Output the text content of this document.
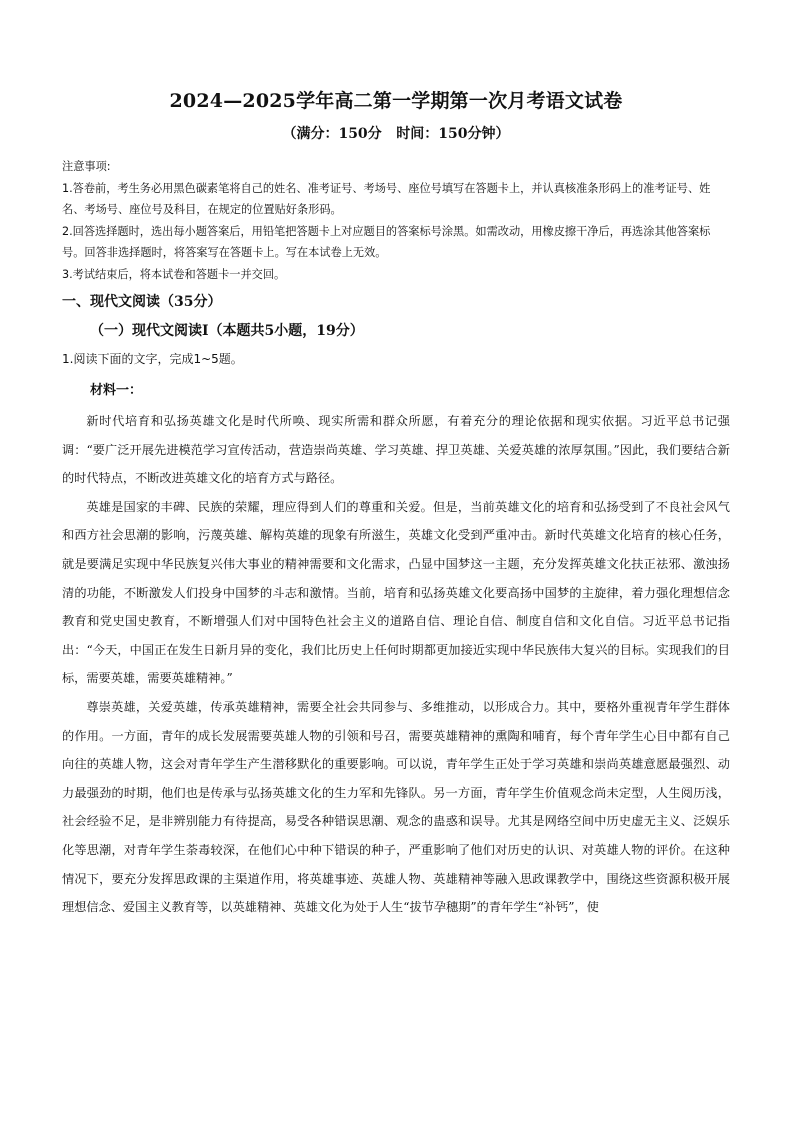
2024—2025学年高二第一学期第一次月考语文试卷
（满分：150分   时间：150分钟）

注意事项:

1.答卷前，考生务必用黑色碳素笔将自己的姓名、准考证号、考场号、座位号填写在答题卡上，并认真核准条形码上的准考证号、姓名、考场号、座位号及科目，在规定的位置贴好条形码。

2.回答选择题时，选出每小题答案后，用铅笔把答题卡上对应题目的答案标号涂黑。如需改动，用橡皮擦干净后，再选涂其他答案标号。回答非选择题时，将答案写在答题卡上。写在本试卷上无效。

3.考试结束后，将本试卷和答题卡一并交回。

一、现代文阅读（35分）
（一）现代文阅读Ⅰ（本题共5小题，19分）
1.阅读下面的文字，完成1~5题。
材料一：

新时代培育和弘扬英雄文化是时代所唤、现实所需和群众所愿，有着充分的理论依据和现实依据。习近平总书记强调：“要广泛开展先进模范学习宣传活动，营造崇尚英雄、学习英雄、捍卫英雄、关爱英雄的浓厚氛围。”因此，我们要结合新的时代特点，不断改进英雄文化的培育方式与路径。

英雄是国家的丰碑、民族的荣耀，理应得到人们的尊重和关爱。但是，当前英雄文化的培育和弘扬受到了不良社会风气和西方社会思潮的影响，污蔑英雄、解构英雄的现象有所滋生，英雄文化受到严重冲击。新时代英雄文化培育的核心任务，就是要满足实现中华民族复兴伟大事业的精神需要和文化需求，凸显中国梦这一主题，充分发挥英雄文化扶正祛邪、激浊扬清的功能，不断激发人们投身中国梦的斗志和激情。当前，培育和弘扬英雄文化要高扬中国梦的主旋律，着力强化理想信念教育和党史国史教育，不断增强人们对中国特色社会主义的道路自信、理论自信、制度自信和文化自信。习近平总书记指出：“今天，中国正在发生日新月异的变化，我们比历史上任何时期都更加接近实现中华民族伟大复兴的目标。实现我们的目标，需要英雄，需要英雄精神。”

尊崇英雄，关爱英雄，传承英雄精神，需要全社会共同参与、多维推动，以形成合力。其中，要格外重视青年学生群体的作用。一方面，青年的成长发展需要英雄人物的引领和号召，需要英雄精神的熏陶和哺育，每个青年学生心目中都有自己向往的英雄人物，这会对青年学生产生潜移默化的重要影响。可以说，青年学生正处于学习英雄和崇尚英雄意愿最强烈、动力最强劲的时期，他们也是传承与弘扬英雄文化的生力军和先锋队。另一方面，青年学生价值观念尚未定型，人生阅历浅，社会经验不足，是非辨别能力有待提高，易受各种错误思潮、观念的蛊惑和误导。尤其是网络空间中历史虚无主义、泛娱乐化等思潮，对青年学生荼毒较深，在他们心中种下错误的种子，严重影响了他们对历史的认识、对英雄人物的评价。在这种情况下，要充分发挥思政课的主渠道作用，将英雄事迹、英雄人物、英雄精神等融入思政课教学中，围绕这些资源积极开展理想信念、爱国主义教育等，以英雄精神、英雄文化为处于人生“拔节孕穗期”的青年学生“补钙”，使
